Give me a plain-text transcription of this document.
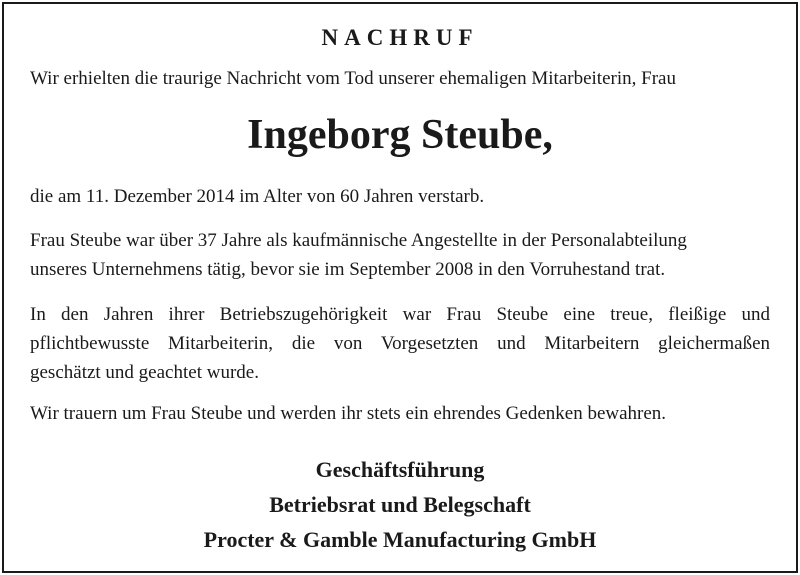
NACHRUF
Wir erhielten die traurige Nachricht vom Tod unserer ehemaligen Mitarbeiterin, Frau
Ingeborg Steube,

die am 11. Dezember 2014 im Alter von 60 Jahren verstarb.

Frau Steube war über 37 Jahre als kaufmännische Angestellte in der Personalabteilung
unseres Unternehmens tätig, bevor sie im September 2008 in den Vorruhestand trat.

In den Jahren ihrer Betriebszugehörigkeit war Frau Steube eine treue, fleißige und
pflichtbewusste Mitarbeiterin, die von Vorgesetzten und Mitarbeitern gleichermaßen
geschätzt und geachtet wurde.

Wir trauern um Frau Steube und werden ihr stets ein ehrendes Gedenken bewahren.

Geschäftsführung
Betriebsrat und Belegschaft
Procter & Gamble Manufacturing GmbH
